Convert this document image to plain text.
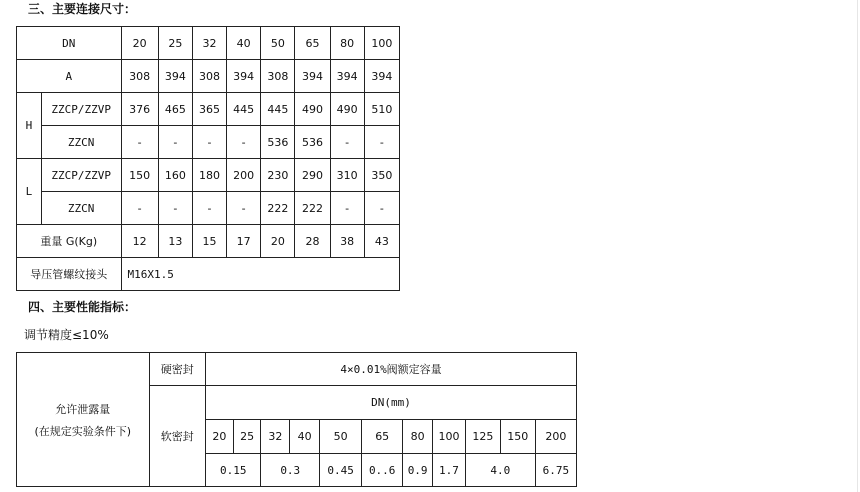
三、主要连接尺寸：
DN		20	25	32	40	50	65	80	100
A		308	394	308	394	308	394	394	394
H	ZZCP/ZZVP	376	465	365	445	445	490	490	510
	ZZCN	-	-	-	-	536	536	-	-
L	ZZCP/ZZVP	150	160	180	200	230	290	310	350
	ZZCN	-	-	-	-	222	222	-	-
重量 G(Kg)		12	13	15	17	20	28	38	43
导压管螺纹接头		M16X1.5							
四、主要性能指标：
调节精度≤10%
允许泄露量
(在规定实验条件下)	硬密封	4×0.01%阀额定容量										
	软密封	DN(mm)										
		20	25	32	40	50	65	80	100	125	150	200
		0.15		0.3		0.45	0..6	0.9	1.7	4.0		6.75
